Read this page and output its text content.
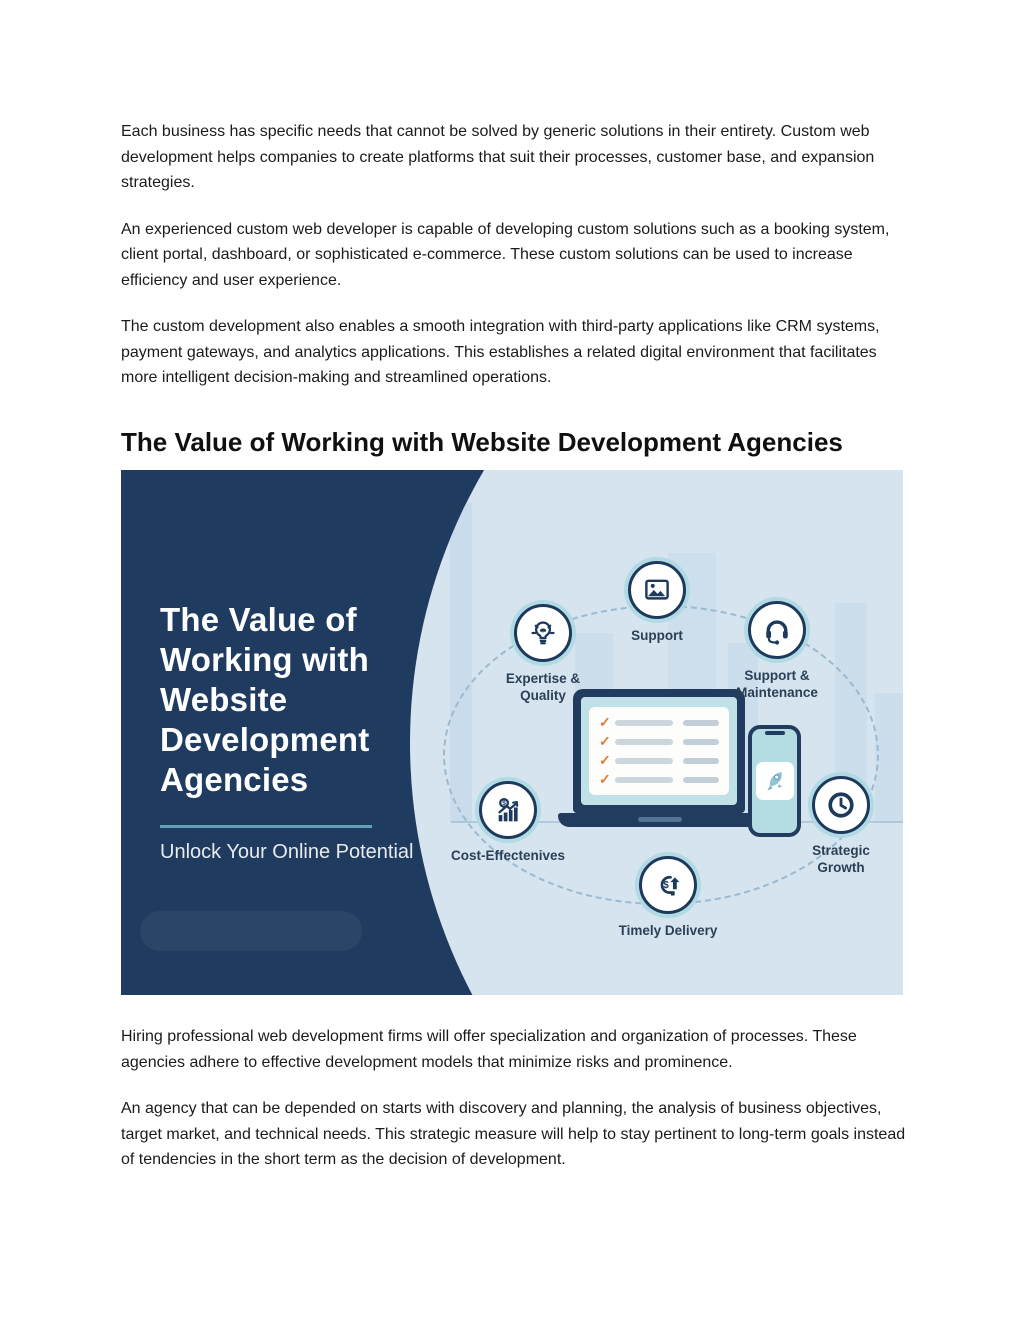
Each business has specific needs that cannot be solved by generic solutions in their entirety. Custom web development helps companies to create platforms that suit their processes, customer base, and expansion strategies.

An experienced custom web developer is capable of developing custom solutions such as a booking system, client portal, dashboard, or sophisticated e-commerce. These custom solutions can be used to increase efficiency and user experience.

The custom development also enables a smooth integration with third-party applications like CRM systems, payment gateways, and analytics applications. This establishes a related digital environment that facilitates more intelligent decision-making and streamlined operations.

The Value of Working with Website Development Agencies
The Value of
Working with
Website
Development
Agencies
Unlock Your Online Potential
Expertise & Quality
Support
Support & Maintenance
$
Cost-Effectenives
$
Timely Delivery
Strategic Growth
✓
✓
✓
✓

Hiring professional web development firms will offer specialization and organization of processes. These agencies adhere to effective development models that minimize risks and prominence.

An agency that can be depended on starts with discovery and planning, the analysis of business objectives, target market, and technical needs. This strategic measure will help to stay pertinent to long-term goals instead of tendencies in the short term as the decision of development.
